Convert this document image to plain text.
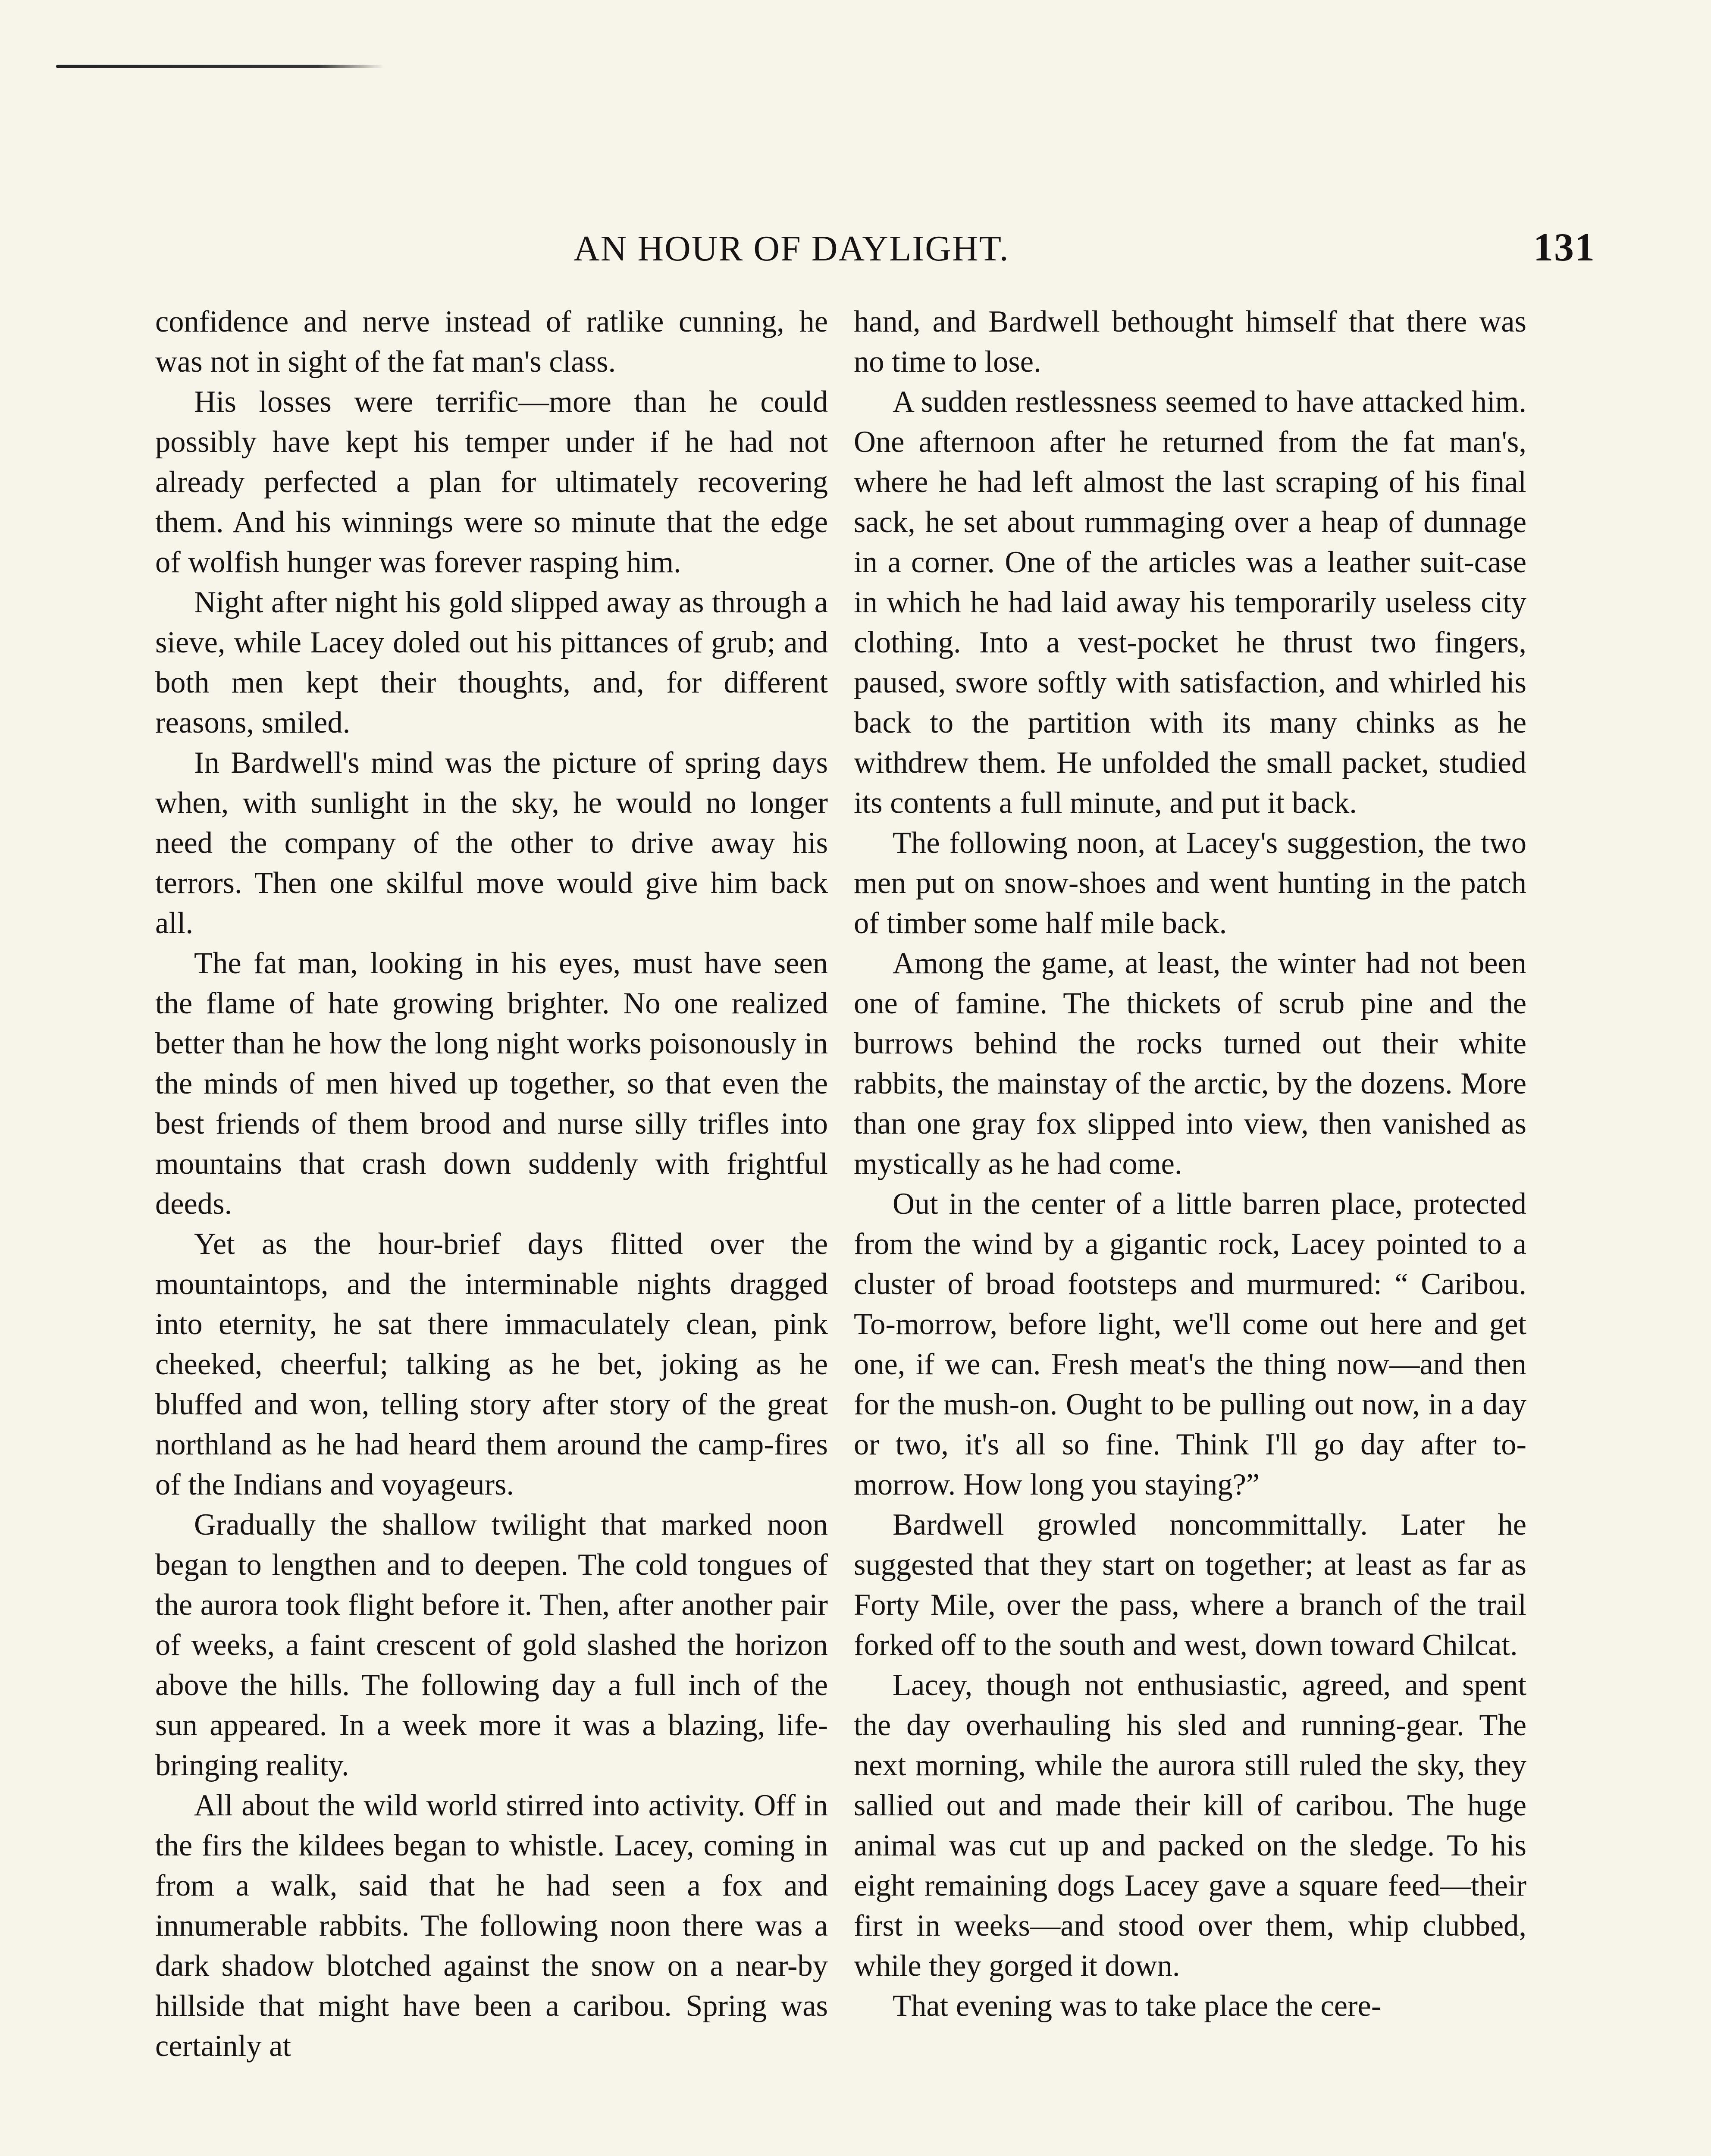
AN HOUR OF DAYLIGHT.	131

confidence and nerve instead of ratlike cunning, he was not in sight of the fat man's class.

His losses were terrific—more than he could possibly have kept his temper under if he had not already perfected a plan for ultimately recovering them. And his winnings were so minute that the edge of wolfish hunger was forever rasping him.

Night after night his gold slipped away as through a sieve, while Lacey doled out his pittances of grub; and both men kept their thoughts, and, for different reasons, smiled.

In Bardwell's mind was the picture of spring days when, with sunlight in the sky, he would no longer need the company of the other to drive away his terrors. Then one skilful move would give him back all.

The fat man, looking in his eyes, must have seen the flame of hate growing brighter. No one realized better than he how the long night works poisonously in the minds of men hived up together, so that even the best friends of them brood and nurse silly trifles into mountains that crash down suddenly with frightful deeds.

Yet as the hour-brief days flitted over the mountaintops, and the interminable nights dragged into eternity, he sat there immaculately clean, pink cheeked, cheerful; talking as he bet, joking as he bluffed and won, telling story after story of the great northland as he had heard them around the camp-fires of the Indians and voyageurs.

Gradually the shallow twilight that marked noon began to lengthen and to deepen. The cold tongues of the aurora took flight before it. Then, after another pair of weeks, a faint crescent of gold slashed the horizon above the hills. The following day a full inch of the sun appeared. In a week more it was a blazing, life-bringing reality.

All about the wild world stirred into activity. Off in the firs the kildees began to whistle. Lacey, coming in from a walk, said that he had seen a fox and innumerable rabbits. The following noon there was a dark shadow blotched against the snow on a near-by hillside that might have been a caribou. Spring was certainly at

hand, and Bardwell bethought himself that there was no time to lose.

A sudden restlessness seemed to have attacked him. One afternoon after he returned from the fat man's, where he had left almost the last scraping of his final sack, he set about rummaging over a heap of dunnage in a corner. One of the articles was a leather suit-case in which he had laid away his temporarily useless city clothing. Into a vest-pocket he thrust two fingers, paused, swore softly with satisfaction, and whirled his back to the partition with its many chinks as he withdrew them. He unfolded the small packet, studied its contents a full minute, and put it back.

The following noon, at Lacey's suggestion, the two men put on snow-shoes and went hunting in the patch of timber some half mile back.

Among the game, at least, the winter had not been one of famine. The thickets of scrub pine and the burrows behind the rocks turned out their white rabbits, the mainstay of the arctic, by the dozens. More than one gray fox slipped into view, then vanished as mystically as he had come.

Out in the center of a little barren place, protected from the wind by a gigantic rock, Lacey pointed to a cluster of broad footsteps and murmured: “ Caribou. To-morrow, before light, we'll come out here and get one, if we can. Fresh meat's the thing now—and then for the mush-on. Ought to be pulling out now, in a day or two, it's all so fine. Think I'll go day after to-morrow. How long you staying?”

Bardwell growled noncommittally. Later he suggested that they start on together; at least as far as Forty Mile, over the pass, where a branch of the trail forked off to the south and west, down toward Chilcat.

Lacey, though not enthusiastic, agreed, and spent the day overhauling his sled and running-gear. The next morning, while the aurora still ruled the sky, they sallied out and made their kill of caribou. The huge animal was cut up and packed on the sledge. To his eight remaining dogs Lacey gave a square feed—their first in weeks—and stood over them, whip clubbed, while they gorged it down.

That evening was to take place the cere-
